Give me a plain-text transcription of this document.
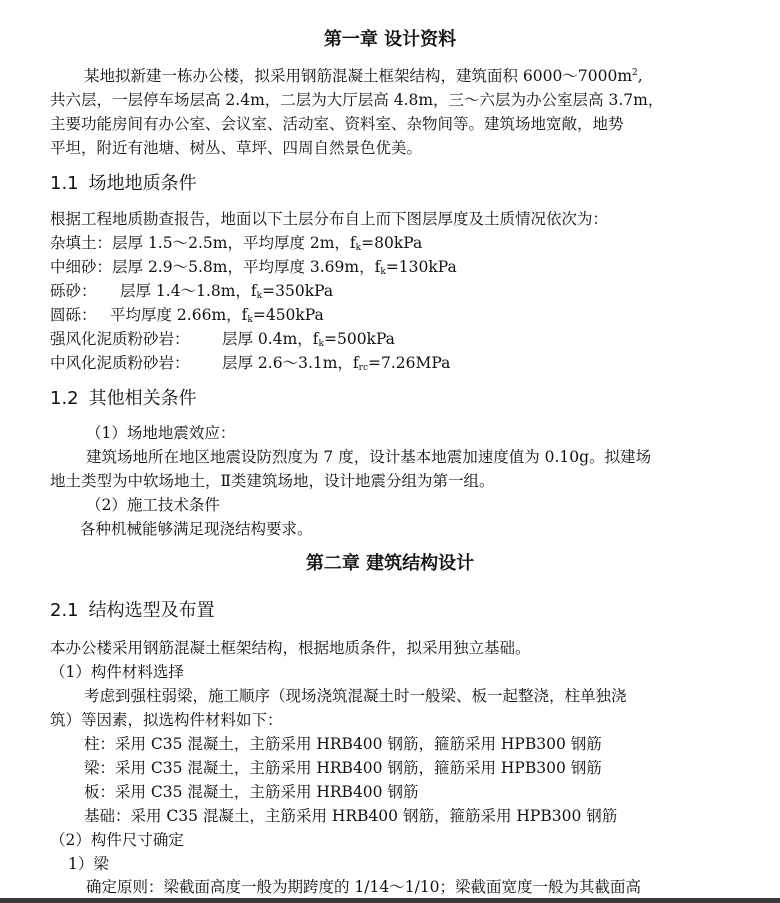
第一章 设计资料
某地拟新建一栋办公楼，拟采用钢筋混凝土框架结构，建筑面积 $6000\sim 7000m^2$,
共六层，一层停车场层高 2.4m，二层为大厅层高 4.8m，三～六层为办公室层高 3.7m，
主要功能房间有办公室、会议室、活动室、资料室、杂物间等。建筑场地宽敞，地势
平坦，附近有池塘、树丛、草坪、四周自然景色优美。
1.1 场地地质条件
根据工程地质勘查报告，地面以下土层分布自上而下图层厚度及土质情况依次为：
杂填土：层厚 1.5～2.5m，平均厚度 2m，$f_k=80kPa$
中细砂：层厚 2.9～5.8m，平均厚度 3.69m，$f_k=130kPa$
砾砂： 层厚 1.4～1.8m，$f_k=350kPa$
圆砾： 平均厚度 2.66m，$f_k=450kPa$
强风化泥质粉砂岩： 层厚 0.4m，$f_k=500kPa$
中风化泥质粉砂岩： 层厚 2.6～3.1m，$f_{rc}=7.26MPa$
1.2 其他相关条件
（1）场地地震效应：
建筑场地所在地区地震设防烈度为 7 度，设计基本地震加速度值为 0.10g。拟建场
地土类型为中软场地土，Ⅱ类建筑场地，设计地震分组为第一组。
（2）施工技术条件
各种机械能够满足现浇结构要求。
第二章 建筑结构设计
2.1 结构选型及布置
本办公楼采用钢筋混凝土框架结构，根据地质条件，拟采用独立基础。
（1）构件材料选择
考虑到强柱弱梁，施工顺序（现场浇筑混凝土时一般梁、板一起整浇，柱单独浇
筑）等因素，拟选构件材料如下：
柱：采用 C35 混凝土，主筋采用 HRB400 钢筋，箍筋采用 HPB300 钢筋
梁：采用 C35 混凝土，主筋采用 HRB400 钢筋，箍筋采用 HPB300 钢筋
板：采用 C35 混凝土，主筋采用 HRB400 钢筋
基础：采用 C35 混凝土，主筋采用 HRB400 钢筋，箍筋采用 HPB300 钢筋
（2）构件尺寸确定
1）梁
确定原则：梁截面高度一般为期跨度的 1/14～1/10；梁截面宽度一般为其截面高
